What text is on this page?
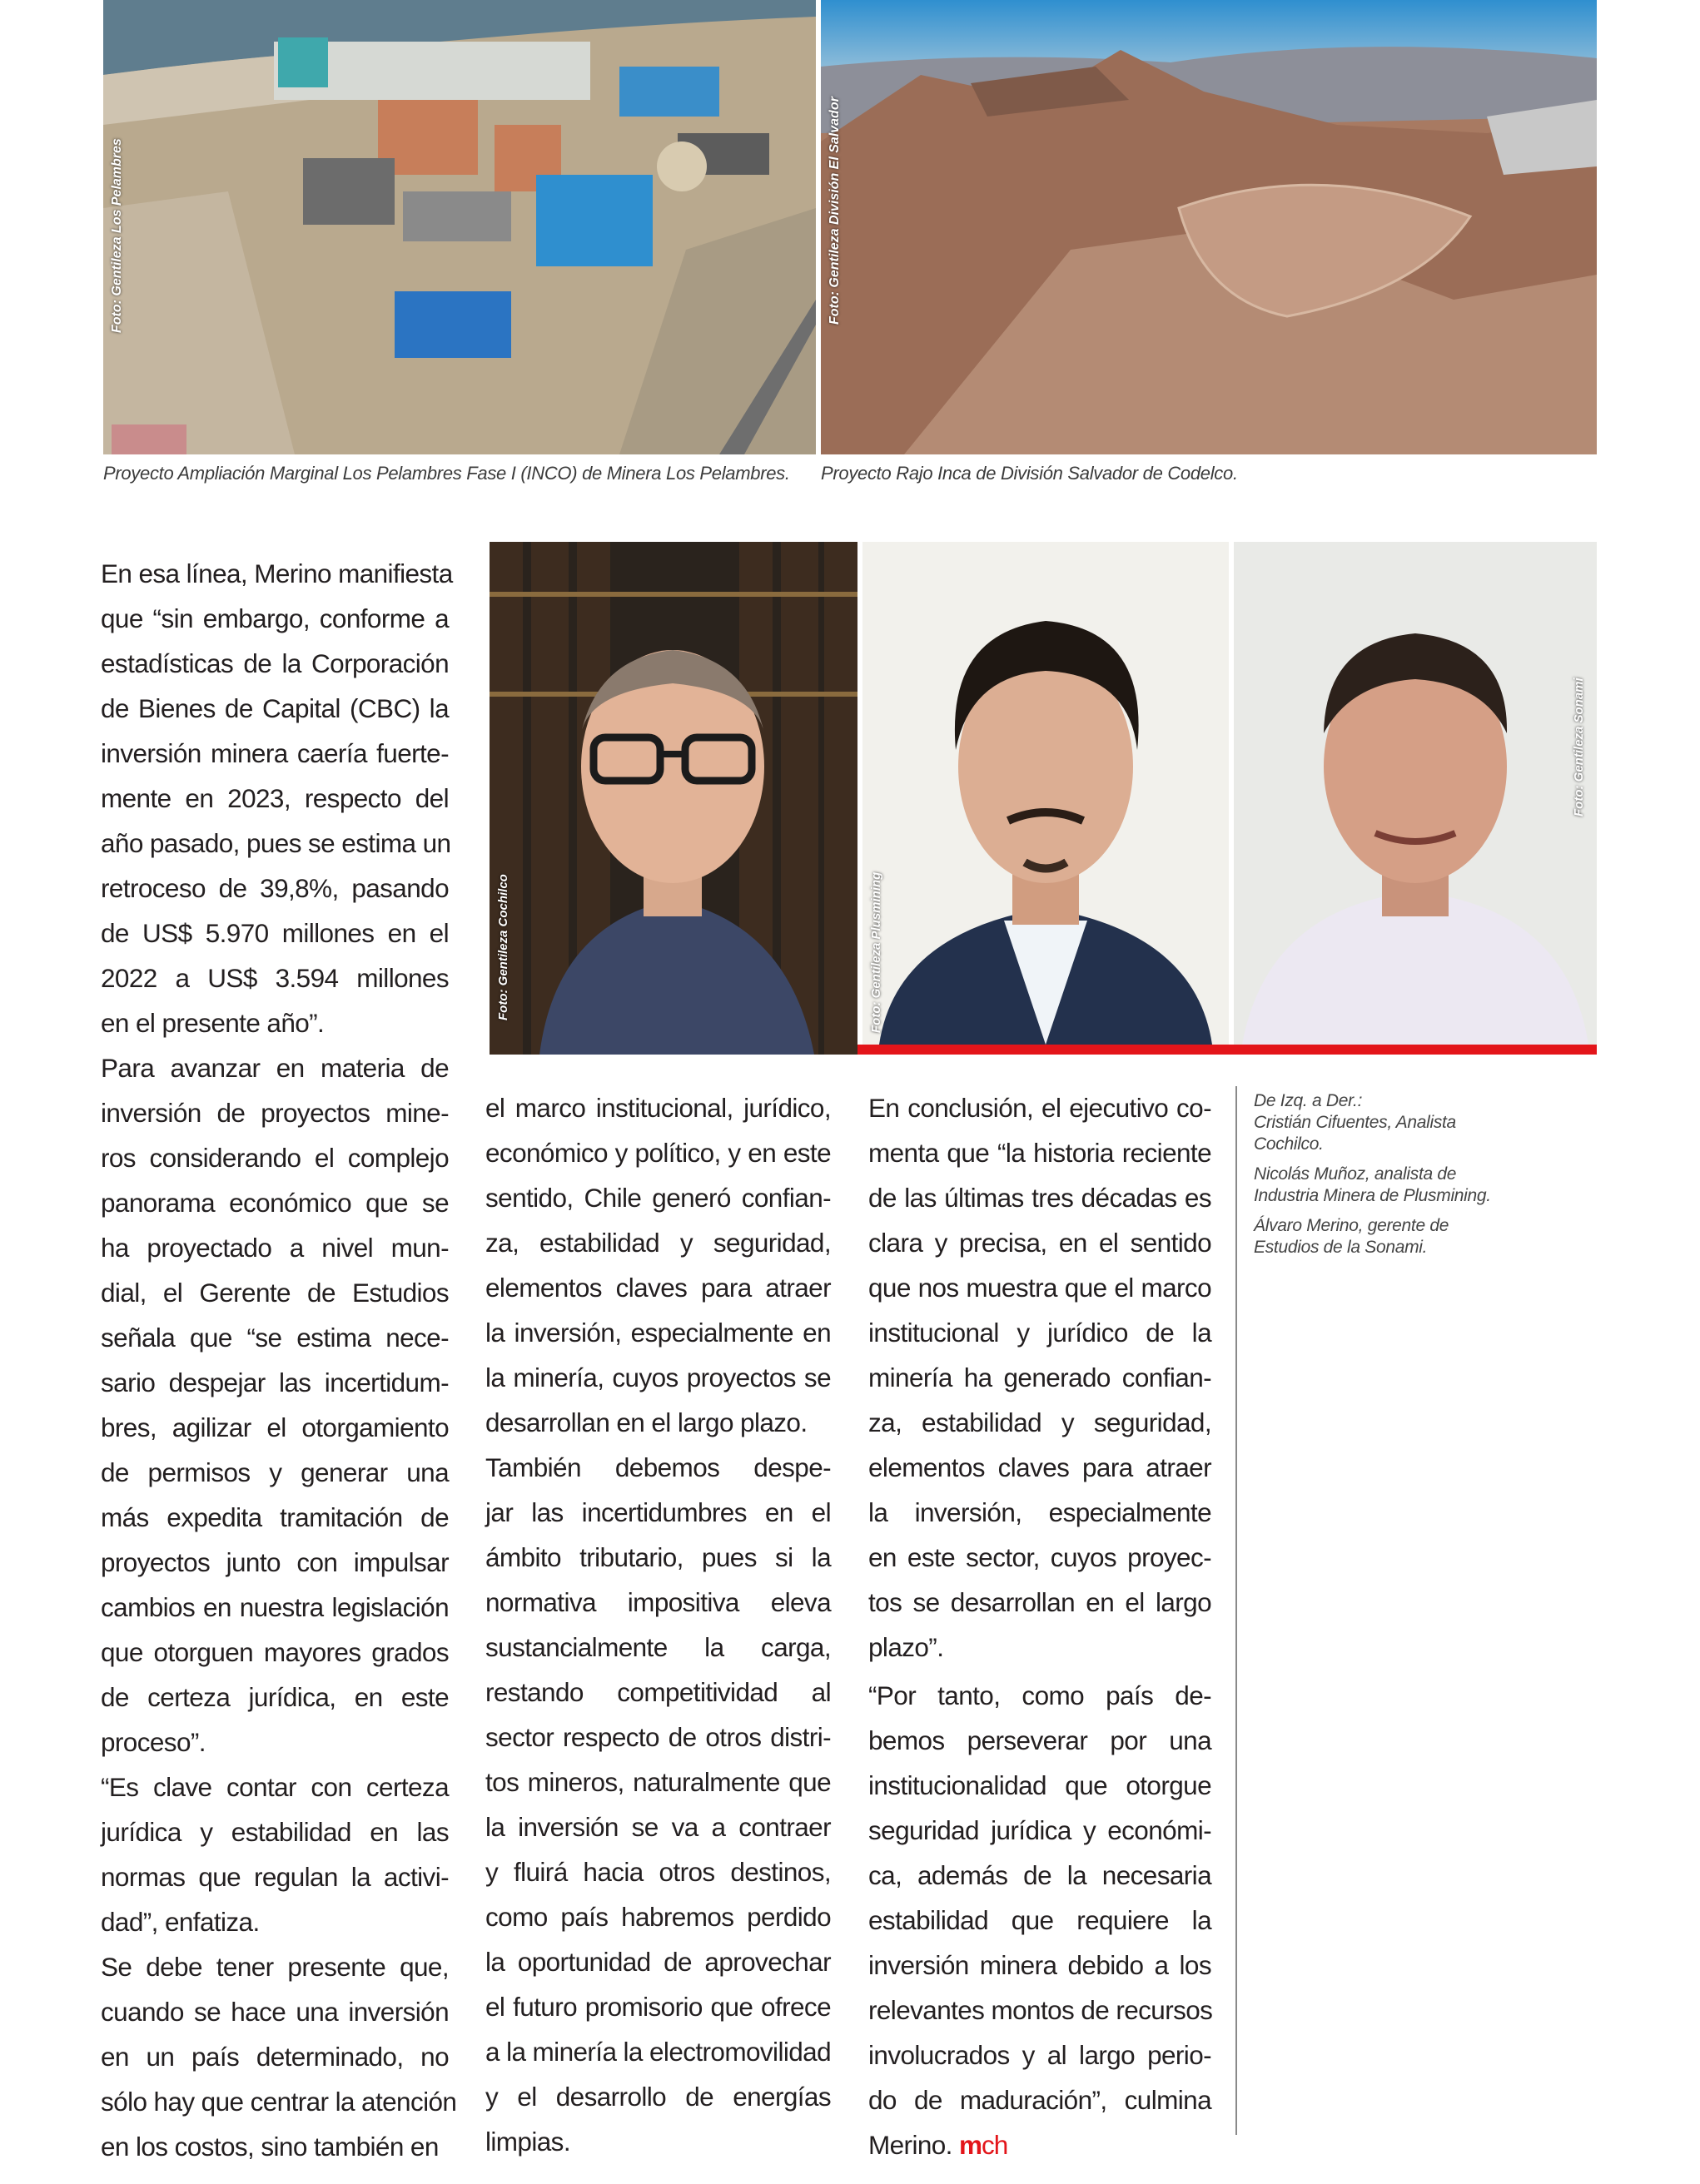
Foto: Gentileza Los Pelambres
Proyecto Ampliación Marginal Los Pelambres Fase I (INCO) de Minera Los Pelambres.
Foto: Gentileza División El Salvador
Proyecto Rajo Inca de División Salvador de Codelco.
Foto: Gentileza Cochilco	Foto: Gentileza Plusmining
Foto: Gentileza Sonami
En esa línea, Merino manifiesta
que “sin embargo, conforme a
estadísticas de la Corporación
de Bienes de Capital (CBC) la
inversión minera caería fuerte-
mente en 2023, respecto del
año pasado, pues se estima un
retroceso de 39,8%, pasando
de US$ 5.970 millones en el
2022 a US$ 3.594 millones
en el presente año”.
Para avanzar en materia de
inversión de proyectos mine-
ros considerando el complejo
panorama económico que se
ha proyectado a nivel mun-
dial, el Gerente de Estudios
señala que “se estima nece-
sario despejar las incertidum-
bres, agilizar el otorgamiento
de permisos y generar una
más expedita tramitación de
proyectos junto con impulsar
cambios en nuestra legislación
que otorguen mayores grados
de certeza jurídica, en este
proceso”.
“Es clave contar con certeza
jurídica y estabilidad en las
normas que regulan la activi-
dad”, enfatiza.
Se debe tener presente que,
cuando se hace una inversión
en un país determinado, no
sólo hay que centrar la atención
en los costos, sino también en
el marco institucional, jurídico,
económico y político, y en este
sentido, Chile generó confian-
za, estabilidad y seguridad,
elementos claves para atraer
la inversión, especialmente en
la minería, cuyos proyectos se
desarrollan en el largo plazo.
También debemos despe-
jar las incertidumbres en el
ámbito tributario, pues si la
normativa impositiva eleva
sustancialmente la carga,
restando competitividad al
sector respecto de otros distri-
tos mineros, naturalmente que
la inversión se va a contraer
y fluirá hacia otros destinos,
como país habremos perdido
la oportunidad de aprovechar
el futuro promisorio que ofrece
a la minería la electromovilidad
y el desarrollo de energías
limpias.
En conclusión, el ejecutivo co-
menta que “la historia reciente
de las últimas tres décadas es
clara y precisa, en el sentido
que nos muestra que el marco
institucional y jurídico de la
minería ha generado confian-
za, estabilidad y seguridad,
elementos claves para atraer
la inversión, especialmente
en este sector, cuyos proyec-
tos se desarrollan en el largo
plazo”.
“Por tanto, como país de-
bemos perseverar por una
institucionalidad que otorgue
seguridad jurídica y económi-
ca, además de la necesaria
estabilidad que requiere la
inversión minera debido a los
relevantes montos de recursos
involucrados y al largo perio-
do de maduración”, culmina
Merino. mch
De Izq. a Der.:
Cristián Cifuentes, Analista
Cochilco.
Nicolás Muñoz, analista de
Industria Minera de Plusmining.
Álvaro Merino, gerente de
Estudios de la Sonami.
